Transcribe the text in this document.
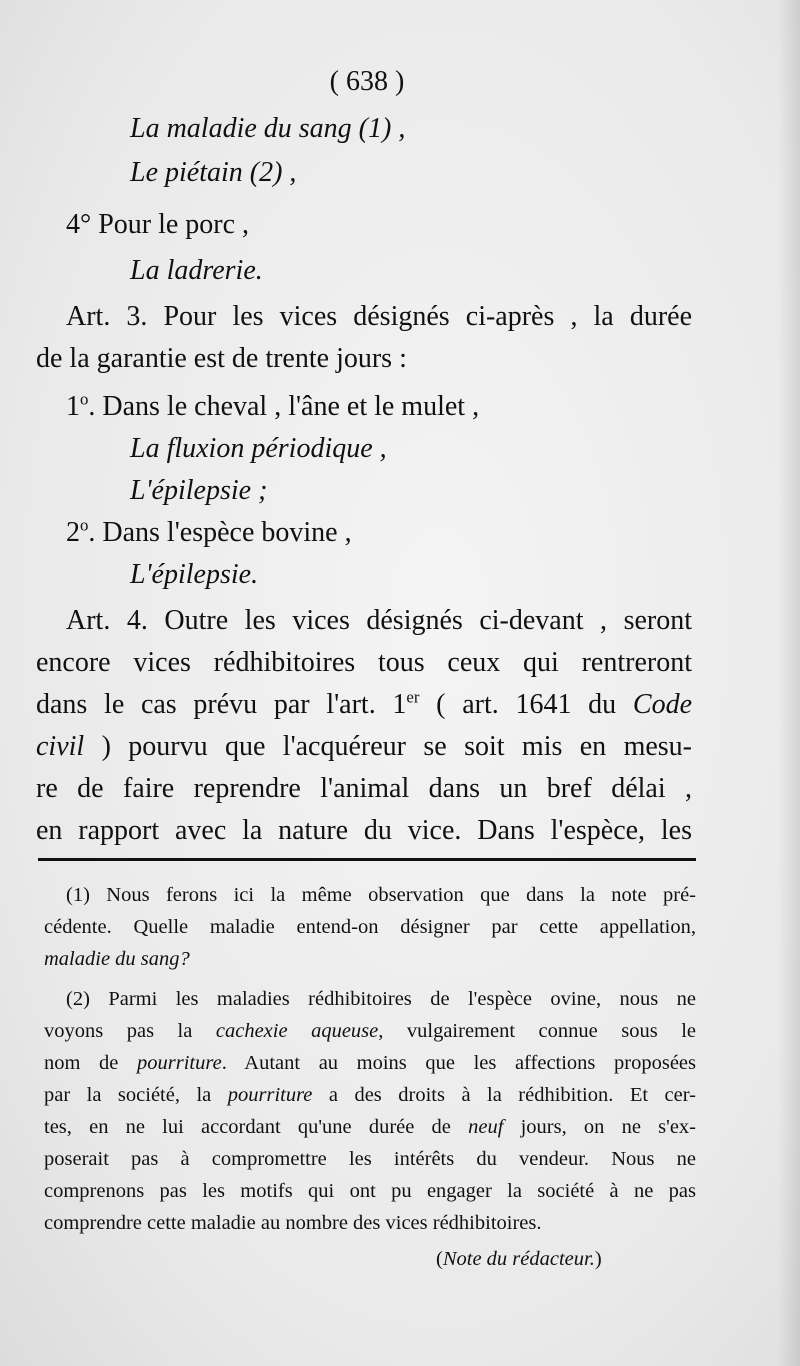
( 638 )
La maladie du sang (1) ,
Le piétain (2) ,
4° Pour le porc ,
La ladrerie.
Art. 3. Pour les vices désignés ci-après , la durée
de la garantie est de trente jours :
1$^o$. Dans le cheval , l'âne et le mulet ,
La fluxion périodique ,
L'épilepsie ;
2$^o$. Dans l'espèce bovine ,
L'épilepsie.
Art. 4. Outre les vices désignés ci-devant , seront
encore vices rédhibitoires tous ceux qui rentreront
dans le cas prévu par l'art. 1er ( art. 1641 du Code
civil ) pourvu que l'acquéreur se soit mis en mesu-
re de faire reprendre l'animal dans un bref délai ,
en rapport avec la nature du vice. Dans l'espèce, les
(1) Nous ferons ici la même observation que dans la note pré-
cédente. Quelle maladie entend-on désigner par cette appellation,
maladie du sang?
(2) Parmi les maladies rédhibitoires de l'espèce ovine, nous ne
voyons pas la cachexie aqueuse, vulgairement connue sous le
nom de pourriture. Autant au moins que les affections proposées
par la société, la pourriture a des droits à la rédhibition. Et cer-
tes, en ne lui accordant qu'une durée de neuf jours, on ne s'ex-
poserait pas à compromettre les intérêts du vendeur. Nous ne
comprenons pas les motifs qui ont pu engager la société à ne pas
comprendre cette maladie au nombre des vices rédhibitoires.
(Note du rédacteur.)
